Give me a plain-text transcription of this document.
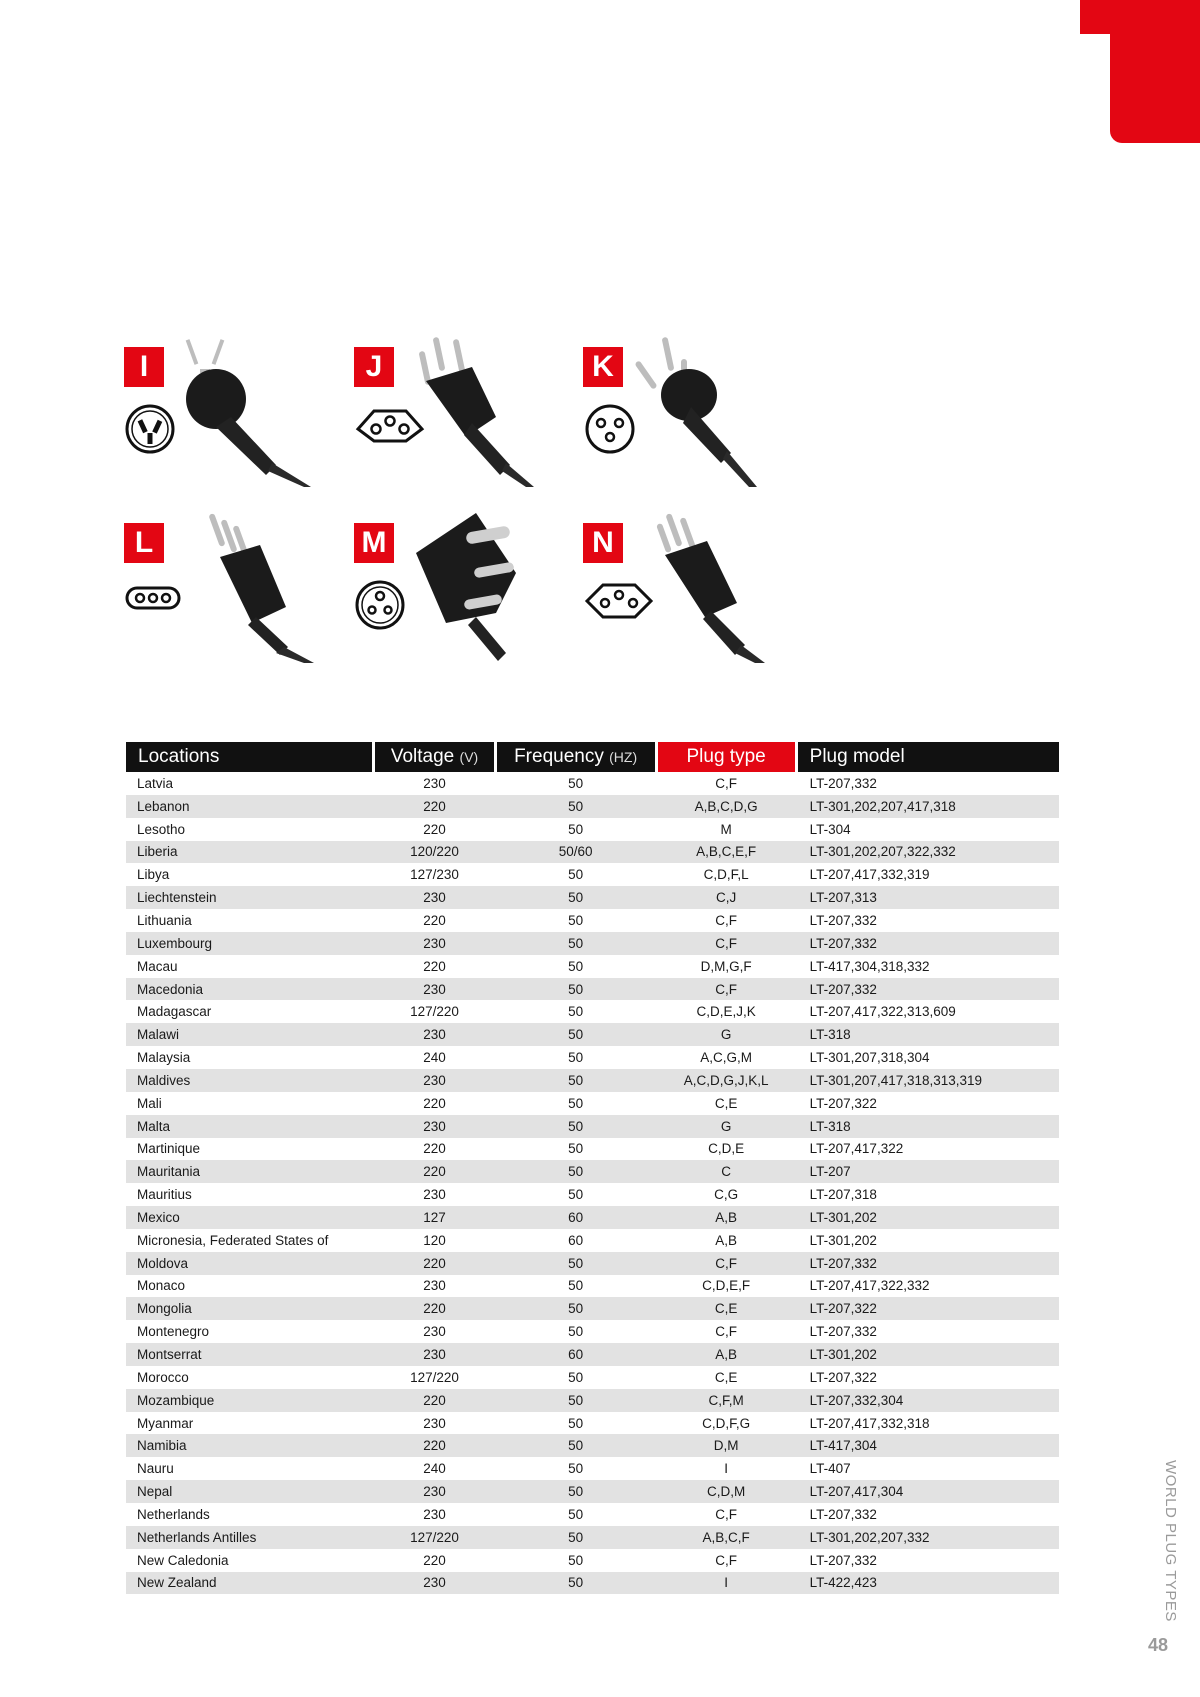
I	J	K
L	M	N
Locations	Voltage (V)	Frequency (HZ)	Plug type	Plug model
Latvia	230	50	C,F	LT-207,332
Lebanon	220	50	A,B,C,D,G	LT-301,202,207,417,318
Lesotho	220	50	M	LT-304
Liberia	120/220	50/60	A,B,C,E,F	LT-301,202,207,322,332
Libya	127/230	50	C,D,F,L	LT-207,417,332,319
Liechtenstein	230	50	C,J	LT-207,313
Lithuania	220	50	C,F	LT-207,332
Luxembourg	230	50	C,F	LT-207,332
Macau	220	50	D,M,G,F	LT-417,304,318,332
Macedonia	230	50	C,F	LT-207,332
Madagascar	127/220	50	C,D,E,J,K	LT-207,417,322,313,609
Malawi	230	50	G	LT-318
Malaysia	240	50	A,C,G,M	LT-301,207,318,304
Maldives	230	50	A,C,D,G,J,K,L	LT-301,207,417,318,313,319
Mali	220	50	C,E	LT-207,322
Malta	230	50	G	LT-318
Martinique	220	50	C,D,E	LT-207,417,322
Mauritania	220	50	C	LT-207
Mauritius	230	50	C,G	LT-207,318
Mexico	127	60	A,B	LT-301,202
Micronesia, Federated States of	120	60	A,B	LT-301,202
Moldova	220	50	C,F	LT-207,332
Monaco	230	50	C,D,E,F	LT-207,417,322,332
Mongolia	220	50	C,E	LT-207,322
Montenegro	230	50	C,F	LT-207,332
Montserrat	230	60	A,B	LT-301,202
Morocco	127/220	50	C,E	LT-207,322
Mozambique	220	50	C,F,M	LT-207,332,304
Myanmar	230	50	C,D,F,G	LT-207,417,332,318
Namibia	220	50	D,M	LT-417,304
Nauru	240	50	I	LT-407
Nepal	230	50	C,D,M	LT-207,417,304
Netherlands	230	50	C,F	LT-207,332
Netherlands Antilles	127/220	50	A,B,C,F	LT-301,202,207,332
New Caledonia	220	50	C,F	LT-207,332
New Zealand	230	50	I	LT-422,423	WORLD PLUG TYPES
48
